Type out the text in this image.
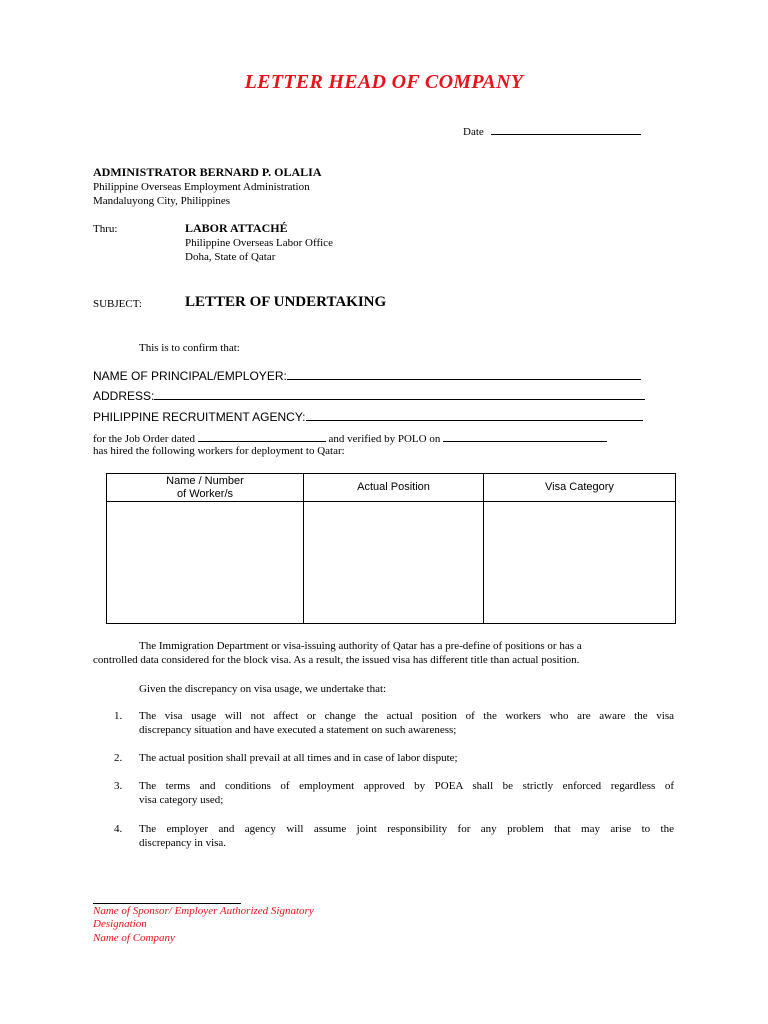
LETTER HEAD OF COMPANY
Date
ADMINISTRATOR BERNARD P. OLALIA
Philippine Overseas Employment Administration
Mandaluyong City, Philippines
Thru:	LABOR ATTACHÉ
Philippine Overseas Labor Office
Doha, State of Qatar
SUBJECT:	LETTER OF UNDERTAKING
This is to confirm that:
NAME OF PRINCIPAL/EMPLOYER:
ADDRESS:
PHILIPPINE RECRUITMENT AGENCY:
for the Job Order dated	and verified by POLO on
has hired the following workers for deployment to Qatar:
Name / Number
of Worker/s	Actual Position	Visa Category

The Immigration Department or visa-issuing authority of Qatar has a pre-define of positions or has a
controlled data considered for the block visa. As a result, the issued visa has different title than actual position.
Given the discrepancy on visa usage, we undertake that:
1. The visa usage will not affect or change the actual position of the workers who are aware the visa
discrepancy situation and have executed a statement on such awareness;
2. The actual position shall prevail at all times and in case of labor dispute;
3. The terms and conditions of employment approved by POEA shall be strictly enforced regardless of
visa category used;
4. The employer and agency will assume joint responsibility for any problem that may arise to the
discrepancy in visa.
Name of Sponsor/ Employer Authorized Signatory
Designation
Name of Company
